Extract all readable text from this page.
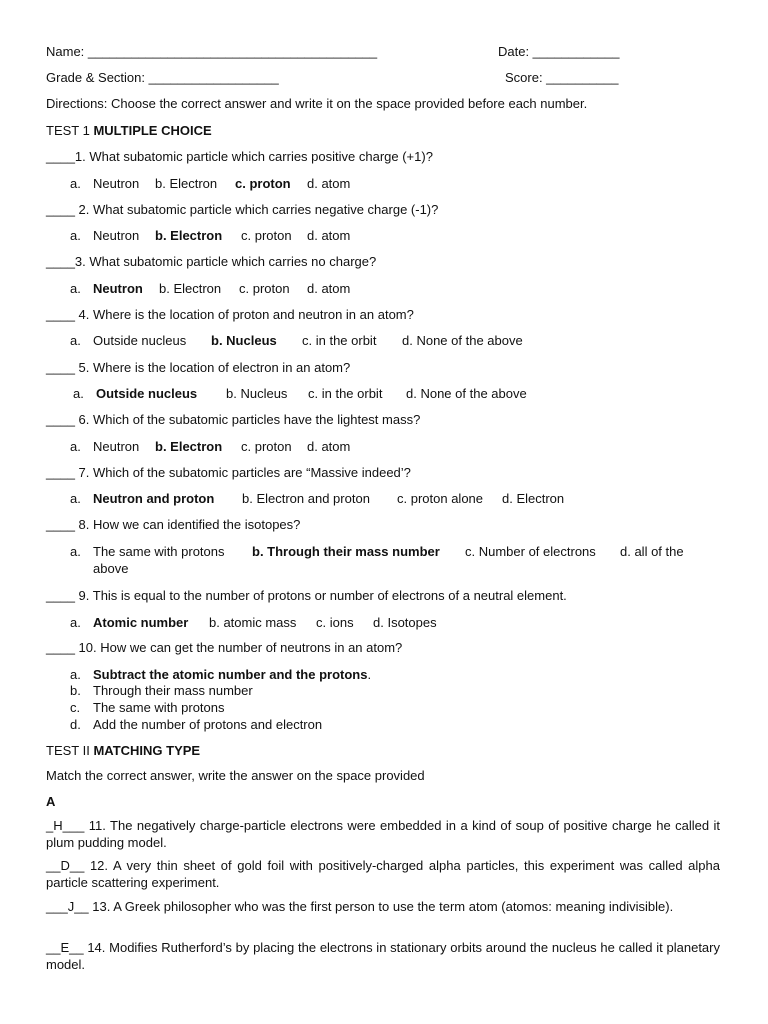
Name: ________________________________________	Date: ____________
Grade & Section: __________________	Score: __________
Directions: Choose the correct answer and write it on the space provided before each number.
TEST 1 MULTIPLE CHOICE
____1. What subatomic particle which carries positive charge (+1)?
a. Neutron b. Electron c. proton d. atom
____ 2. What subatomic particle which carries negative charge (-1)?
a. Neutron b. Electron c. proton d. atom
____3. What subatomic particle which carries no charge?
a. Neutron b. Electron c. proton d. atom
____ 4. Where is the location of proton and neutron in an atom?
a. Outside nucleus b. Nucleus c. in the orbit d. None of the above
____ 5. Where is the location of electron in an atom?
a. Outside nucleus b. Nucleus c. in the orbit d. None of the above
____ 6. Which of the subatomic particles have the lightest mass?
a. Neutron b. Electron c. proton d. atom
____ 7. Which of the subatomic particles are “Massive indeed’?
a. Neutron and proton b. Electron and proton c. proton alone d. Electron
____ 8. How we can identified the isotopes?
a. The same with protons b. Through their mass number c. Number of electrons d. all of the
above
____ 9. This is equal to the number of protons or number of electrons of a neutral element.
a. Atomic number b. atomic mass c. ions d. Isotopes
____ 10. How we can get the number of neutrons in an atom?
a. Subtract the atomic number and the protons.
b. Through their mass number
c. The same with protons
d. Add the number of protons and electron
TEST II MATCHING TYPE
Match the correct answer, write the answer on the space provided
A
_H___ 11. The negatively charge-particle electrons were embedded in a kind of soup of positive charge he called it plum pudding model.
__D__ 12. A very thin sheet of gold foil with positively-charged alpha particles, this experiment was called alpha particle scattering experiment.
___J__ 13. A Greek philosopher who was the first person to use the term atom (atomos: meaning indivisible).
__E__ 14. Modifies Rutherford’s by placing the electrons in stationary orbits around the nucleus he called it planetary model.
